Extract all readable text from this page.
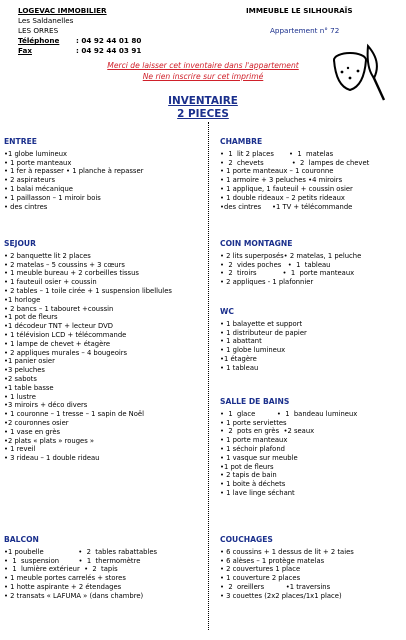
LOGEVAC IMMOBILIER
Les Saldanelles
LES ORRES
Téléphone : 04 92 44 01 80
Fax	: 04 92 44 03 91
IMMEUBLE LE SILHOURAÏS
Appartement n° 72
Merci de laisser cet inventaire dans l'appartement
Ne rien inscrire sur cet imprimé
INVENTAIRE
2 PIECES
ENTREE
•1 globe lumineux
• 1 porte manteaux
• 1 fer à repasser • 1 planche à repasser
• 2 aspirateurs
• 1 balai mécanique
• 1 paillasson – 1 miroir bois
• des cintres
SEJOUR
• 2 banquette lit 2 places
• 2 matelas – 5 coussins + 3 cœurs
• 1 meuble bureau + 2 corbeilles tissus
• 1 fauteuil osier + coussin
• 2 tables – 1 toile cirée + 1 suspension libellules
•1 horloge
• 2 bancs – 1 tabouret +coussin
•1 pot de fleurs
•1 décodeur TNT + lecteur DVD
• 1 télévision LCD + télécommande
• 1 lampe de chevet + étagère
• 2 appliques murales – 4 bougeoirs
•1 panier osier
•3 peluches
•2 sabots
•1 table basse
• 1 lustre
•3 miroirs + déco divers
• 1 couronne – 1 tresse – 1 sapin de Noël
•2 couronnes osier
• 1 vase en grès
•2 plats « plats » rouges »
• 1 reveil
• 3 rideau – 1 double rideau
BALCON
•1 poubelle                •  2  tables rabattables
•  1  suspension         •  1  thermomètre
•  1  lumière extérieur  •  2  tapis
• 1 meuble portes carrelés + stores
• 1 hotte aspirante + 2 étendages
• 2 transats « LAFUMA » (dans chambre)
CHAMBRE
•  1  lit 2 places       •  1  matelas
•  2  chevets             •  2  lampes de chevet
• 1 porte manteaux – 1 couronne
• 1 armoire + 3 peluches •4 miroirs
• 1 applique, 1 fauteuil + coussin osier
• 1 double rideaux – 2 petits rideaux
•des cintres     •1 TV + télécommande
COIN MONTAGNE
• 2 lits superposés• 2 matelas, 1 peluche
•  2  vides poches   •  1  tableau
•  2  tiroirs            •  1  porte manteaux
• 2 appliques - 1 plafonnier
WC
• 1 balayette et support
• 1 distributeur de papier
• 1 abattant
• 1 globe lumineux
•1 étagère
• 1 tableau
SALLE DE BAINS
•  1  glace          •  1  bandeau lumineux
• 1 porte serviettes
•  2  pots en grès  •2 seaux
• 1 porte manteaux
• 1 séchoir plafond
• 1 vasque sur meuble
•1 pot de fleurs
• 2 tapis de bain
• 1 boite à déchets
• 1 lave linge séchant
COUCHAGES
• 6 coussins + 1 dessus de lit + 2 taies
• 6 alèses – 1 protège matelas
• 2 couvertures 1 place
• 1 couverture 2 places
•  2  oreillers          •1 traversins
• 3 couettes (2x2 places/1x1 place)
